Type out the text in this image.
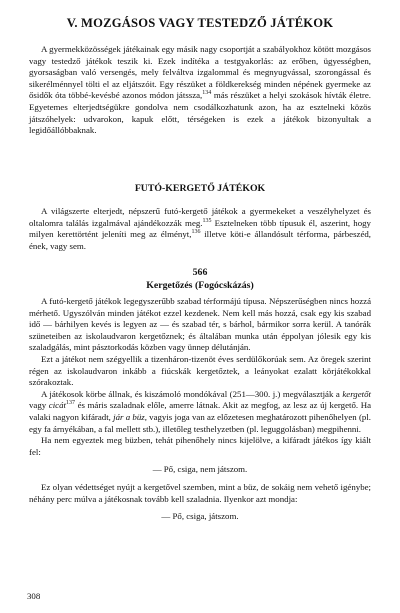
V. MOZGÁSOS VAGY TESTEDZŐ JÁTÉKOK

A gyermekközösségek játékainak egy másik nagy csoportját a szabályokhoz kötött mozgásos vagy testedző játékok teszik ki. Ezek indítéka a testgyakorlás: az erőben, ügyességben, gyorsaságban való versengés, mely felváltva izgalommal és megnyugvással, szorongással és sikerélménnyel tölti el az eljátszóit. Egy részüket a földkerekség minden népének gyermeke az ősidők óta többé-kevésbé azonos módon játssza,$^{134}$ más részüket a helyi szokások hívták életre. Egyetemes elterjedtségükre gondolva nem csodálkozhatunk azon, ha az esztelneki közös játszóhelyek: udvarokon, kapuk előtt, térségeken is ezek a játékok bizonyultak a legidőállóbbaknak.

FUTÓ-KERGETŐ JÁTÉKOK

A világszerte elterjedt, népszerű futó-kergető játékok a gyermekeket a veszélyhelyzet és oltalomra találás izgalmával ajándékozzák meg.$^{135}$ Esztelneken több típusuk él, aszerint, hogy milyen kerettörtént jeleníti meg az élményt,$^{136}$ illetve köti-e állandósult térforma, párbeszéd, ének, vagy sem.

566
Kergetőzés (Fogócskázás)

A futó-kergető játékok legegyszerűbb szabad térformájú típusa. Népszerűségben nincs hozzá mérhető. Ugyszólván minden játékot ezzel kezdenek. Nem kell más hozzá, csak egy kis szabad idő — bárhilyen kevés is legyen az — és szabad tér, s bárhol, bármikor sorra kerül. A tanórák szüneteiben az iskolaudvaron kergetőznek; és általában munka után éppolyan jólesik egy kis szaladgálás, mint pásztorkodás közben vagy ünnep délutánján.

Ezt a játékot nem szégyellik a tizenháron-tizenöt éves serdülőkorúak sem. Az öregek szerint régen az iskolaudvaron inkább a fiúcskák kergetőztek, a leányokat ezalatt körjátékokkal szórakoztak.

A játékosok körbe állnak, és kiszámoló mondókával (251—300. j.) megválasztják a kergetőt vagy cicát$^{137}$ és máris szaladnak előle, amerre látnak. Akit az megfog, az lesz az új kergető. Ha valaki nagyon kifáradt, jár a büz, vagyis joga van az előzetesen meghatározott pihenőhelyen (pl. egy fa árnyékában, a fal mellett stb.), illetőleg testhelyzetben (pl. leguggolásban) megpihenni.

Ha nem egyeztek meg büzben, tehát pihenőhely nincs kijelölve, a kifáradt játékos így kiált fel:

— Pő, csiga, nem játszom.

Ez olyan védettséget nyújt a kergetővel szemben, mint a büz, de sokáig nem vehető igénybe; néhány perc múlva a játékosnak tovább kell szaladnia. Ilyenkor azt mondja:

— Pő, csiga, játszom.

308
